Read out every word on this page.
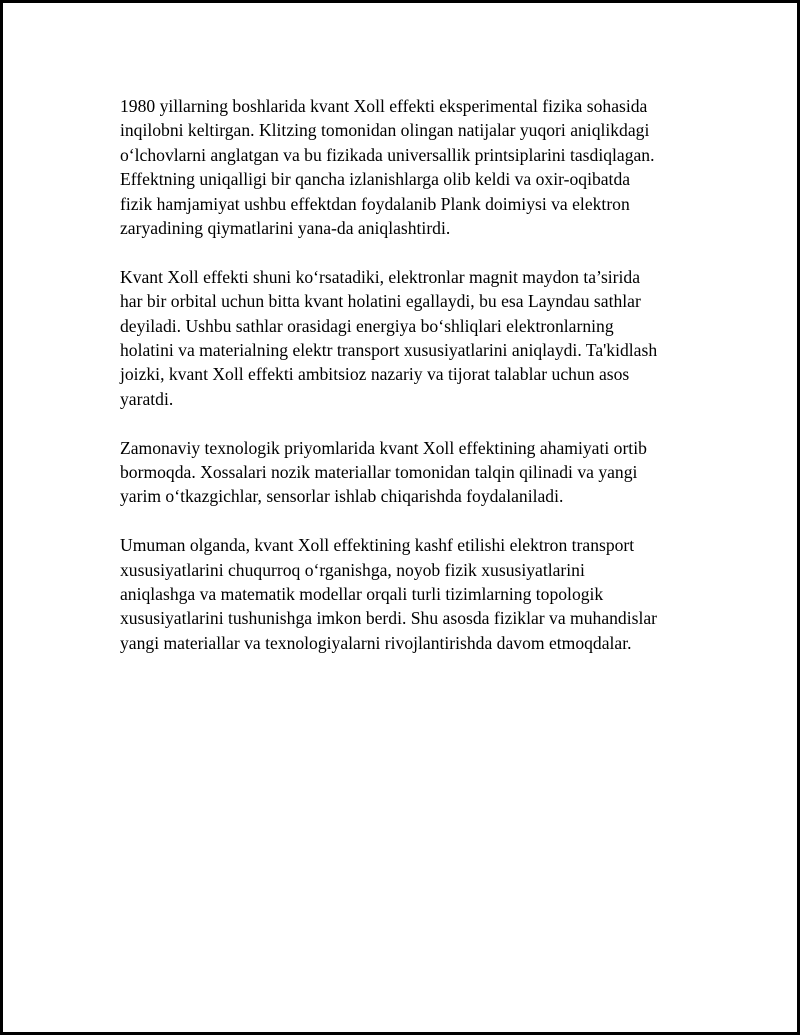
1980 yillarning boshlarida kvant Xoll effekti eksperimental fizika sohasida
inqilobni keltirgan. Klitzing tomonidan olingan natijalar yuqori aniqlikdagi
o‘lchovlarni anglatgan va bu fizikada universallik printsiplarini tasdiqlagan.
Effektning uniqalligi bir qancha izlanishlarga olib keldi va oxir-oqibatda
fizik hamjamiyat ushbu effektdan foydalanib Plank doimiysi va elektron
zaryadining qiymatlarini yana-da aniqlashtirdi.

Kvant Xoll effekti shuni ko‘rsatadiki, elektronlar magnit maydon ta’sirida
har bir orbital uchun bitta kvant holatini egallaydi, bu esa Layndau sathlar
deyiladi. Ushbu sathlar orasidagi energiya bo‘shliqlari elektronlarning
holatini va materialning elektr transport xususiyatlarini aniqlaydi. Ta'kidlash
joizki, kvant Xoll effekti ambitsioz nazariy va tijorat talablar uchun asos
yaratdi.

Zamonaviy texnologik priyomlarida kvant Xoll effektining ahamiyati ortib
bormoqda. Xossalari nozik materiallar tomonidan talqin qilinadi va yangi
yarim o‘tkazgichlar, sensorlar ishlab chiqarishda foydalaniladi.

Umuman olganda, kvant Xoll effektining kashf etilishi elektron transport
xususiyatlarini chuqurroq o‘rganishga, noyob fizik xususiyatlarini
aniqlashga va matematik modellar orqali turli tizimlarning topologik
xususiyatlarini tushunishga imkon berdi. Shu asosda fiziklar va muhandislar
yangi materiallar va texnologiyalarni rivojlantirishda davom etmoqdalar.
